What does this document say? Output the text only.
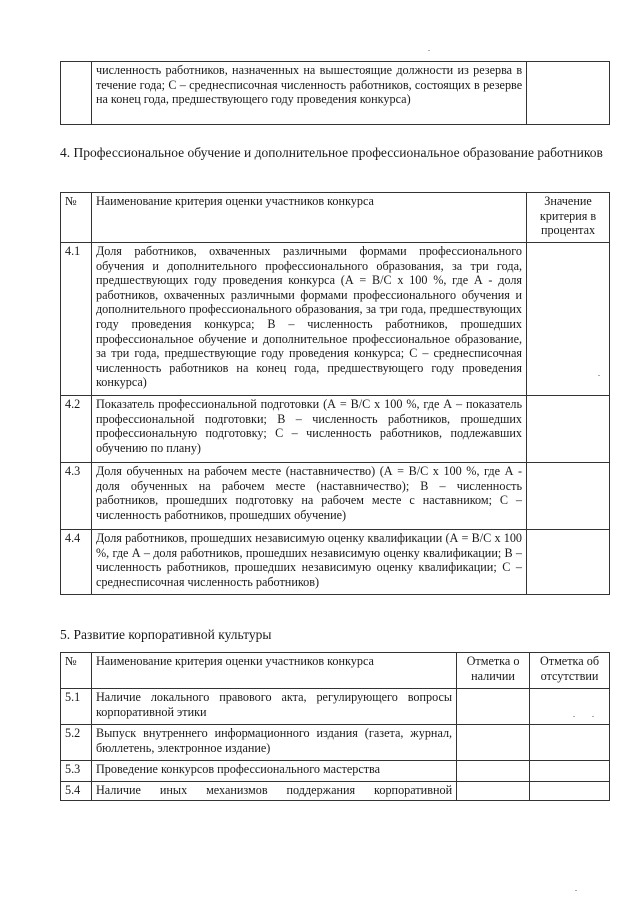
	численность работников, назначенных на вышестоящие должности из резерва в течение года; С – среднесписочная численность работников, состоящих в резерве на конец года, предшествующего году проведения конкурса)	
4. Профессиональное обучение и дополнительное профессиональное образование работников
№	Наименование критерия оценки участников конкурса	Значение критерия в процентах
4.1	Доля работников, охваченных различными формами профессионального обучения и дополнительного профессионального образования, за три года, предшествующих году проведения конкурса (А = В/С х 100 %, где А - доля работников, охваченных различными формами профессионального обучения и дополнительного профессионального образования, за три года, предшествующих году проведения конкурса; В – численность работников, прошедших профессиональное обучение и дополнительное профессиональное образование, за три года, предшествующие году проведения конкурса; С – среднесписочная численность работников на конец года, предшествующего году проведения конкурса)	
4.2	Показатель профессиональной подготовки (А = В/С х 100 %, где А – показатель профессиональной подготовки; В – численность работников, прошедших профессиональную подготовку; С – численность работников, подлежавших обучению по плану)	
4.3	Доля обученных на рабочем месте (наставничество) (А = В/С х 100 %, где А - доля обученных на рабочем месте (наставничество); В – численность работников, прошедших подготовку на рабочем месте с наставником; С – численность работников, прошедших обучение)	
4.4	Доля работников, прошедших независимую оценку квалификации (А = В/С х 100 %, где А – доля работников, прошедших независимую оценку квалификации; В – численность работников, прошедших независимую оценку квалификации; С – среднесписочная численность работников)	
5. Развитие корпоративной культуры
№	Наименование критерия оценки участников конкурса	Отметка о наличии	Отметка об отсутствии
5.1	Наличие локального правового акта, регулирующего вопросы корпоративной этики		
5.2	Выпуск внутреннего информационного издания (газета, журнал, бюллетень, электронное издание)		
5.3	Проведение конкурсов профессионального мастерства		
5.4	Наличие иных механизмов поддержания корпоративной		
